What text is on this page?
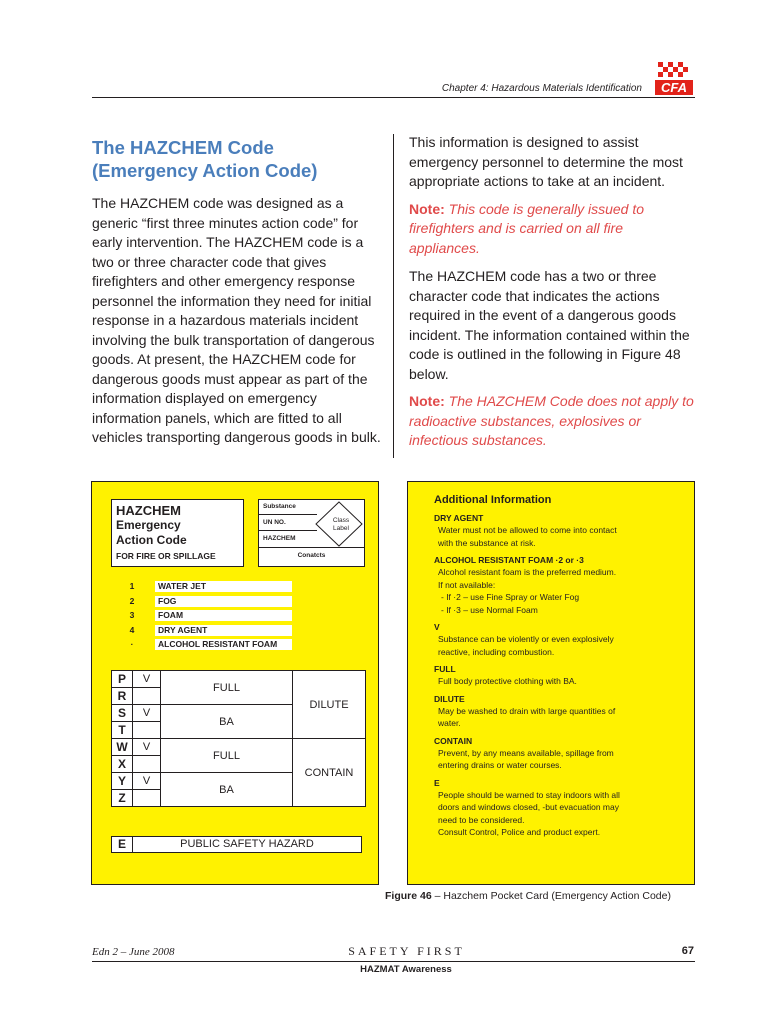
Chapter 4: Hazardous Materials Identification CFA
The HAZCHEM Code
(Emergency Action Code)

The HAZCHEM code was designed as a generic “first three minutes action code” for early intervention. The HAZCHEM code is a two or three character code that gives firefighters and other emergency response personnel the information they need for initial response in a hazardous materials incident involving the bulk transportation of dangerous goods. At present, the HAZCHEM code for dangerous goods must appear as part of the information displayed on emergency information panels, which are fitted to all vehicles transporting dangerous goods in bulk.

This information is designed to assist emergency personnel to determine the most appropriate actions to take at an incident.

Note: This code is generally issued to firefighters and is carried on all fire appliances.

The HAZCHEM code has a two or three character code that indicates the actions required in the event of a dangerous goods incident. The information contained within the code is outlined in the following in Figure 48 below.

Note: The HAZCHEM Code does not apply to radioactive substances, explosives or infectious substances.

HAZCHEM
Emergency
Action Code
FOR FIRE OR SPILLAGE
Substance
UN NO.
HAZCHEM
Conatcts
Class Label
1	WATER JET
2	FOG
3	FOAM
4	DRY AGENT
·	ALCOHOL RESISTANT FOAM
P	V	FULL	DILUTE
R			
S	V	BA	
T			
W	V	FULL	CONTAIN
X			
Y	V	BA	
Z			
E	PUBLIC SAFETY HAZARD
Additional Information
DRY AGENT
Water must not be allowed to come into contact
with the substance at risk.
ALCOHOL RESISTANT FOAM ·2 or ·3
Alcohol resistant foam is the preferred medium.
If not available:
- If ·2 – use Fine Spray or Water Fog
- If ·3 – use Normal Foam
V
Substance can be violently or even explosively
reactive, including combustion.
FULL
Full body protective clothing with BA.
DILUTE
May be washed to drain with large quantities of
water.
CONTAIN
Prevent, by any means available, spillage from
entering drains or water courses.
E
People should be warned to stay indoors with all
doors and windows closed, -but evacuation may
need to be considered.
Consult Control, Police and product expert.
Figure 46 – Hazchem Pocket Card (Emergency Action Code)
Edn 2 – June 2008	SAFETY FIRST	67
HAZMAT Awareness
